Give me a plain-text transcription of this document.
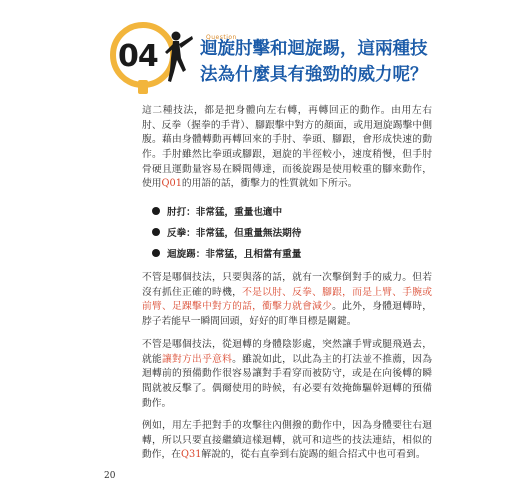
Question
04 迴旋肘擊和迴旋踢，這兩種技
法為什麼具有強勁的威力呢？
這二種技法，都是把身體向左右轉，再轉回正的動作。由用左右肘、反拳（握拳的手背）、腳跟擊中對方的顏面，或用迴旋踢擊中側腹。藉由身體轉動再轉回來的手肘、拳頭、腳跟，會形成快速的動作。手肘雖然比拳頭或腳跟，迴旋的半徑較小，速度稍慢，但手肘骨硬且運動量容易在瞬間傳達，而後旋踢是使用較重的腳來動作，使用Q01的用語的話，衝擊力的性質就如下所示。
肘打：非常猛，重量也適中
反拳：非常猛，但重量無法期待
迴旋踢：非常猛，且相當有重量
不管是哪個技法，只要與落的話，就有一次擊倒對手的威力。但若沒有抓住正確的時機，不是以肘、反拳、腳跟，而是上臂、手腕或前臂、足踝擊中對方的話，衝擊力就會減少。此外，身體迴轉時，脖子若能早一瞬間回頭，好好的盯準目標是關鍵。
不管是哪個技法，從迴轉的身體陰影處，突然讓手臂或腿飛過去，就能讓對方出乎意料。雖說如此，以此為主的打法並不推薦，因為迴轉前的預備動作很容易讓對手看穿而被防守，或是在向後轉的瞬間就被反擊了。偶爾使用的時候，有必要有效掩飾驅幹迴轉的預備動作。
例如，用左手把對手的攻擊往內側撥的動作中，因為身體要往右迴轉，所以只要直接繼續這樣迴轉，就可和這些的技法連結，相似的動作，在Q31解說的，從右直拳到右旋踢的組合招式中也可看到。
20
